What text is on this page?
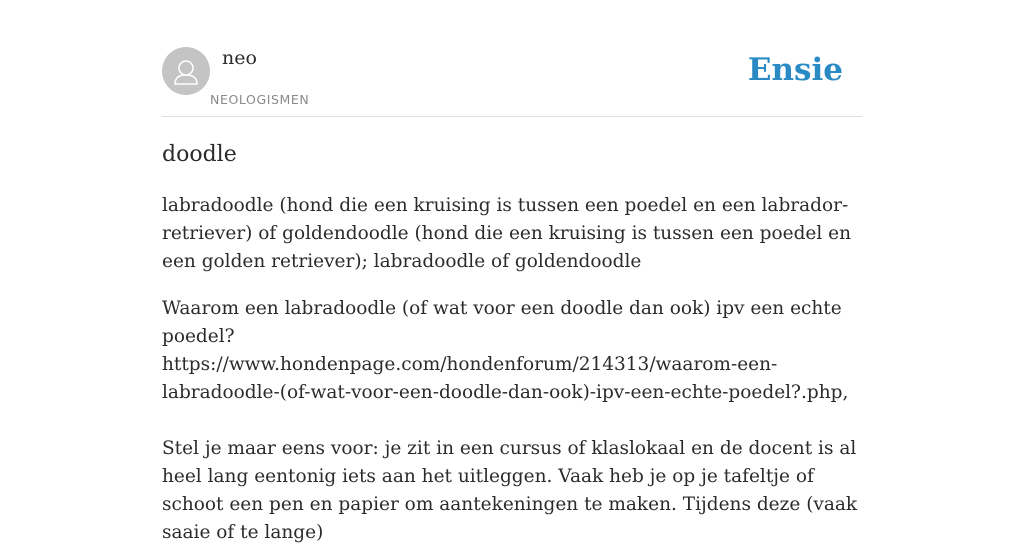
neo
NEOLOGISMEN
Ensie
doodle

labradoodle (hond die een kruising is tussen een poedel en een labrador-retriever) of goldendoodle (hond die een kruising is tussen een poedel en een golden retriever); labradoodle of goldendoodle

Waarom een labradoodle (of wat voor een doodle dan ook) ipv een echte poedel?
https://www.hondenpage.com/hondenforum/214313/waarom-een-labradoodle-(of-wat-voor-een-doodle-dan-ook)-ipv-een-echte-poedel?.php,

Stel je maar eens voor: je zit in een cursus of klaslokaal en de docent is al heel lang eentonig iets aan het uitleggen. Vaak heb je op je tafeltje of schoot een pen en papier om aantekeningen te maken. Tijdens deze (vaak saaie of te lange)
